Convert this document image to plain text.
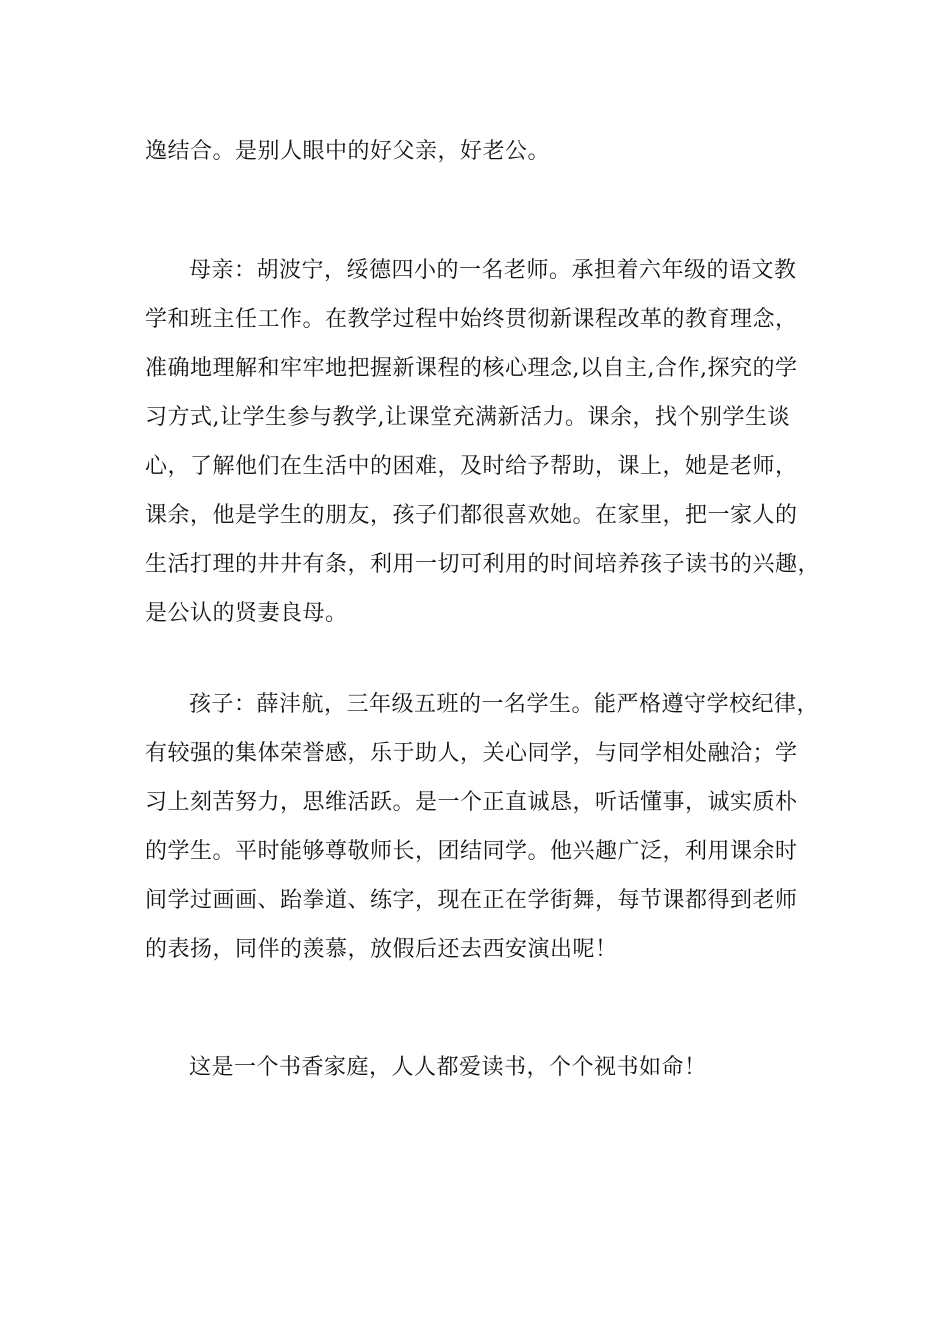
逸结合。是别人眼中的好父亲，好老公。

母亲：胡波宁，绥德四小的一名老师。承担着六年级的语文教
学和班主任工作。在教学过程中始终贯彻新课程改革的教育理念，
准确地理解和牢牢地把握新课程的核心理念,以自主,合作,探究的学
习方式,让学生参与教学,让课堂充满新活力。课余，找个别学生谈
心，了解他们在生活中的困难，及时给予帮助，课上，她是老师，
课余，他是学生的朋友，孩子们都很喜欢她。在家里，把一家人的
生活打理的井井有条，利用一切可利用的时间培养孩子读书的兴趣，
是公认的贤妻良母。

孩子：薛沣航，三年级五班的一名学生。能严格遵守学校纪律，
有较强的集体荣誉感，乐于助人，关心同学，与同学相处融洽；学
习上刻苦努力，思维活跃。是一个正直诚恳，听话懂事，诚实质朴
的学生。平时能够尊敬师长，团结同学。他兴趣广泛，利用课余时
间学过画画、跆拳道、练字，现在正在学街舞，每节课都得到老师
的表扬，同伴的羡慕，放假后还去西安演出呢！

这是一个书香家庭，人人都爱读书，个个视书如命！
